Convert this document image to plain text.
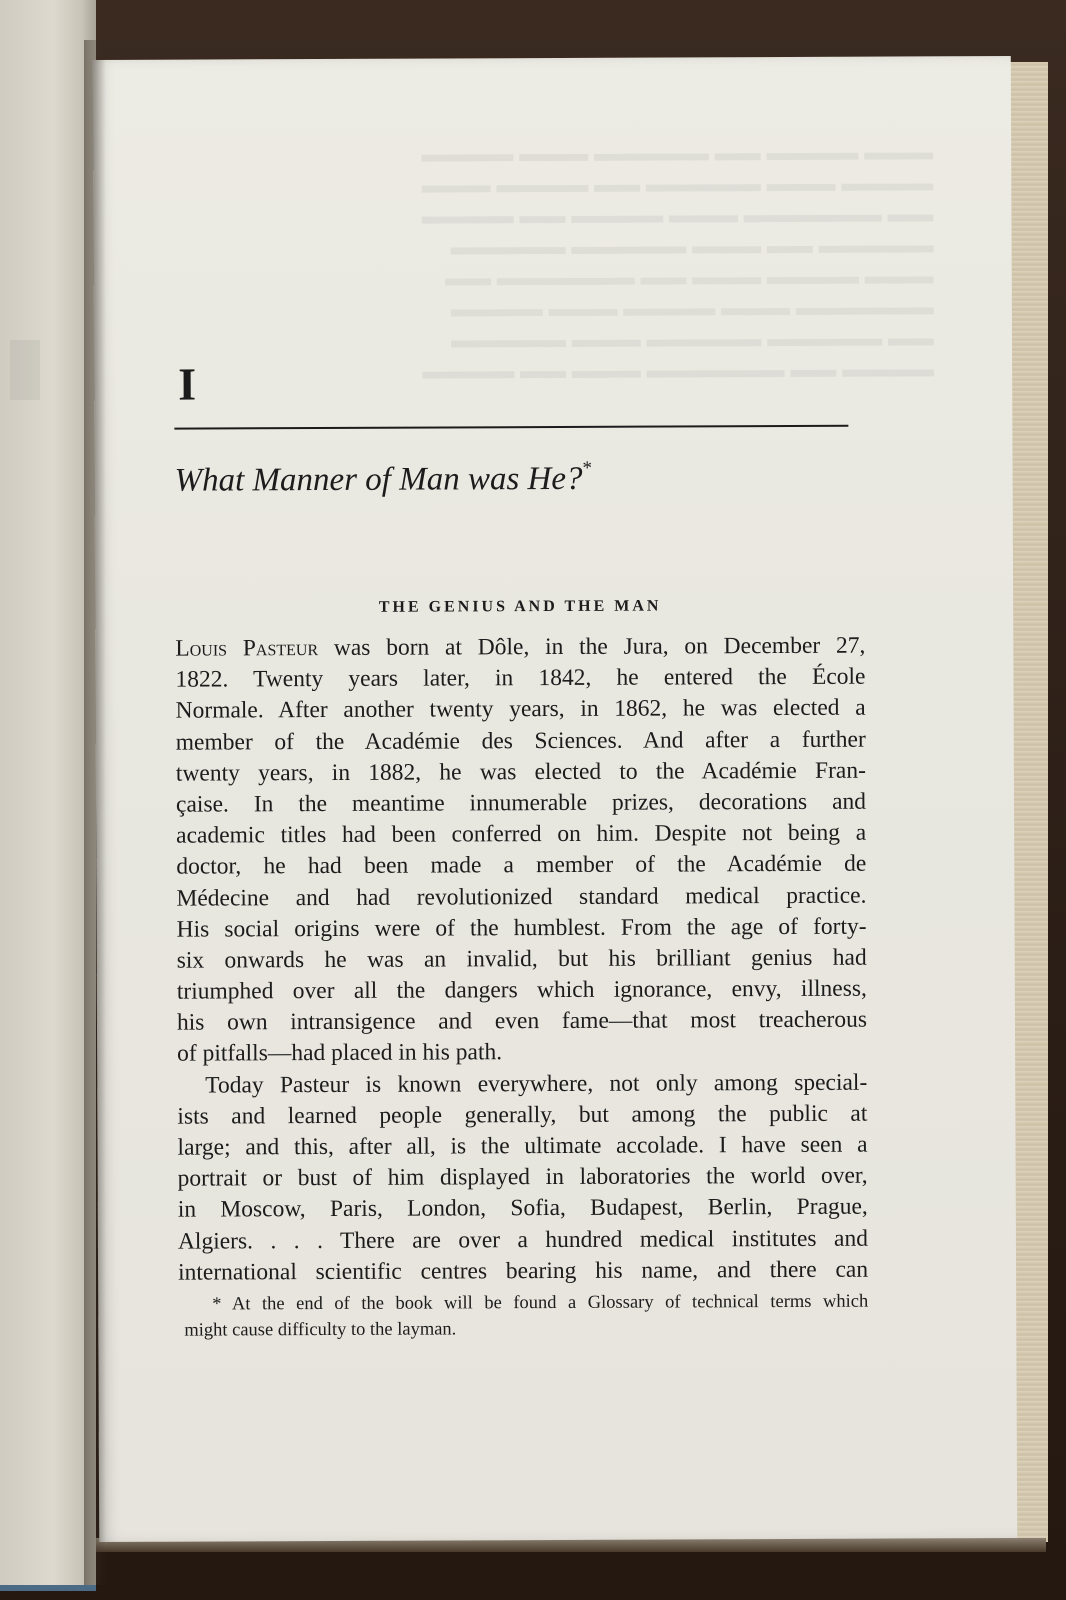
▬▬▬ ▬▬▬▬ ▬▬ ▬▬▬▬▬ ▬▬▬ ▬▬▬▬
▬▬▬▬ ▬▬▬ ▬▬▬▬▬ ▬▬ ▬▬▬▬ ▬▬▬
▬▬ ▬▬▬▬▬▬ ▬▬▬ ▬▬▬▬ ▬▬ ▬▬▬▬
▬▬▬▬▬ ▬▬ ▬▬▬ ▬▬▬▬▬ ▬▬▬▬▬
▬▬▬ ▬▬▬▬ ▬▬▬ ▬▬ ▬▬▬▬▬▬ ▬▬
▬▬▬▬▬▬ ▬▬▬ ▬▬▬▬ ▬▬▬ ▬▬▬▬
▬▬ ▬▬▬▬▬ ▬▬▬▬▬ ▬▬▬ ▬▬▬▬▬
▬▬▬▬ ▬▬ ▬▬▬▬▬▬ ▬▬▬ ▬▬ ▬▬▬▬
I
What Manner of Man was He?*
THE GENIUS AND THE MAN
Louis Pasteur was born at Dôle, in the Jura, on December 27,
1822. Twenty years later, in 1842, he entered the École
Normale. After another twenty years, in 1862, he was elected a
member of the Académie des Sciences. And after a further
twenty years, in 1882, he was elected to the Académie Fran-
çaise. In the meantime innumerable prizes, decorations and
academic titles had been conferred on him. Despite not being a
doctor, he had been made a member of the Académie de
Médecine and had revolutionized standard medical practice.
His social origins were of the humblest. From the age of forty-
six onwards he was an invalid, but his brilliant genius had
triumphed over all the dangers which ignorance, envy, illness,
his own intransigence and even fame—that most treacherous
of pitfalls—had placed in his path.
Today Pasteur is known everywhere, not only among special-
ists and learned people generally, but among the public at
large; and this, after all, is the ultimate accolade. I have seen a
portrait or bust of him displayed in laboratories the world over,
in Moscow, Paris, London, Sofia, Budapest, Berlin, Prague,
Algiers. . . . There are over a hundred medical institutes and
international scientific centres bearing his name, and there can
* At the end of the book will be found a Glossary of technical terms which
might cause difficulty to the layman.
